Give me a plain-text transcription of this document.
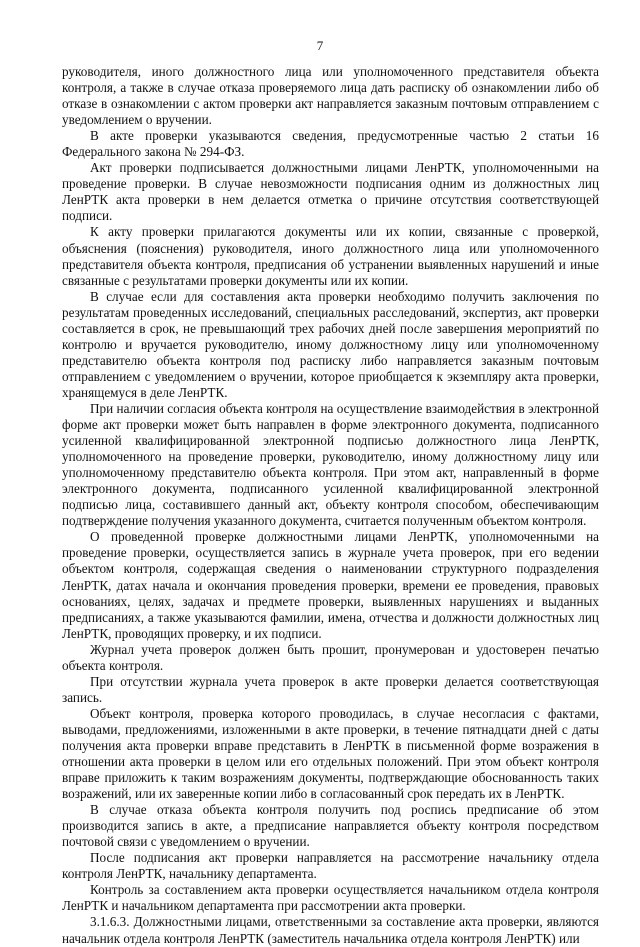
7

руководителя, иного должностного лица или уполномоченного представителя объекта контроля, а также в случае отказа проверяемого лица дать расписку об ознакомлении либо об отказе в ознакомлении с актом проверки акт направляется заказным почтовым отправлением с уведомлением о вручении.

В акте проверки указываются сведения, предусмотренные частью 2 статьи 16 Федерального закона № 294-ФЗ.

Акт проверки подписывается должностными лицами ЛенРТК, уполномоченными на проведение проверки. В случае невозможности подписания одним из должностных лиц ЛенРТК акта проверки в нем делается отметка о причине отсутствия соответствующей подписи.

К акту проверки прилагаются документы или их копии, связанные с проверкой, объяснения (пояснения) руководителя, иного должностного лица или уполномоченного представителя объекта контроля, предписания об устранении выявленных нарушений и иные связанные с результатами проверки документы или их копии.

В случае если для составления акта проверки необходимо получить заключения по результатам проведенных исследований, специальных расследований, экспертиз, акт проверки составляется в срок, не превышающий трех рабочих дней после завершения мероприятий по контролю и вручается руководителю, иному должностному лицу или уполномоченному представителю объекта контроля под расписку либо направляется заказным почтовым отправлением с уведомлением о вручении, которое приобщается к экземпляру акта проверки, хранящемуся в деле ЛенРТК.

При наличии согласия объекта контроля на осуществление взаимодействия в электронной форме акт проверки может быть направлен в форме электронного документа, подписанного усиленной квалифицированной электронной подписью должностного лица ЛенРТК, уполномоченного на проведение проверки, руководителю, иному должностному лицу или уполномоченному представителю объекта контроля. При этом акт, направленный в форме электронного документа, подписанного усиленной квалифицированной электронной подписью лица, составившего данный акт, объекту контроля способом, обеспечивающим подтверждение получения указанного документа, считается полученным объектом контроля.

О проведенной проверке должностными лицами ЛенРТК, уполномоченными на проведение проверки, осуществляется запись в журнале учета проверок, при его ведении объектом контроля, содержащая сведения о наименовании структурного подразделения ЛенРТК, датах начала и окончания проведения проверки, времени ее проведения, правовых основаниях, целях, задачах и предмете проверки, выявленных нарушениях и выданных предписаниях, а также указываются фамилии, имена, отчества и должности должностных лиц ЛенРТК, проводящих проверку, и их подписи.

Журнал учета проверок должен быть прошит, пронумерован и удостоверен печатью объекта контроля.

При отсутствии журнала учета проверок в акте проверки делается соответствующая запись.

Объект контроля, проверка которого проводилась, в случае несогласия с фактами, выводами, предложениями, изложенными в акте проверки, в течение пятнадцати дней с даты получения акта проверки вправе представить в ЛенРТК в письменной форме возражения в отношении акта проверки в целом или его отдельных положений. При этом объект контроля вправе приложить к таким возражениям документы, подтверждающие обоснованность таких возражений, или их заверенные копии либо в согласованный срок передать их в ЛенРТК.

В случае отказа объекта контроля получить под роспись предписание об этом производится запись в акте, а предписание направляется объекту контроля посредством почтовой связи с уведомлением о вручении.

После подписания акт проверки направляется на рассмотрение начальнику отдела контроля ЛенРТК, начальнику департамента.

Контроль за составлением акта проверки осуществляется начальником отдела контроля ЛенРТК и начальником департамента при рассмотрении акта проверки.

3.1.6.3. Должностными лицами, ответственными за составление акта проверки, являются начальник отдела контроля ЛенРТК (заместитель начальника отдела контроля ЛенРТК) или
